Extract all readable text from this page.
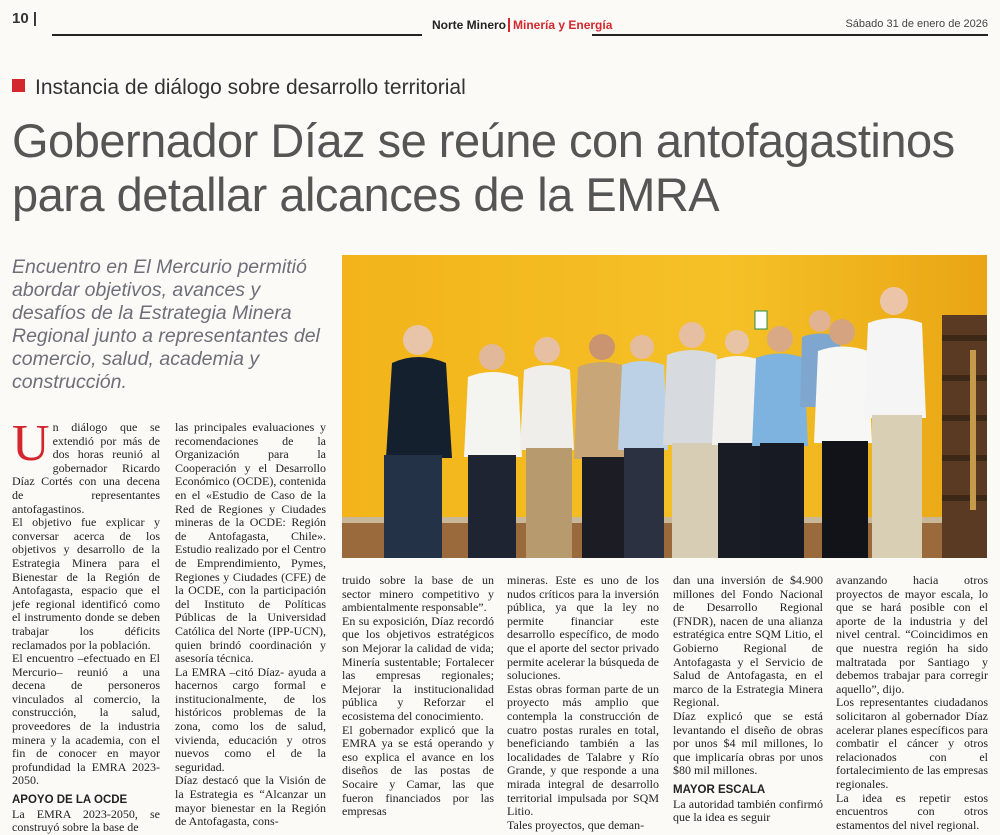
10 |	Norte Minero Minería y Energía	Sábado 31 de enero de 2026
Instancia de diálogo sobre desarrollo territorial
Gobernador Díaz se reúne con antofagastinos para detallar alcances de la EMRA
Encuentro en El Mercurio permitió abordar objetivos, avances y desafíos de la Estrategia Minera Regional junto a representantes del comercio, salud, academia y construcción.

Un diálogo que se extendió por más de dos horas reunió al gobernador Ricardo Díaz Cortés con una decena de representantes antofagastinos.

El objetivo fue explicar y conversar acerca de los objetivos y desarrollo de la Estrategia Minera para el Bienestar de la Región de Antofagasta, espacio que el jefe regional identificó como el instrumento donde se deben trabajar los déficits reclamados por la población.

El encuentro –efectuado en El Mercurio– reunió a una decena de personeros vinculados al comercio, la construcción, la salud, proveedores de la industria minera y la academia, con el fin de conocer en mayor profundidad la EMRA 2023-2050.

APOYO DE LA OCDE

La EMRA 2023-2050, se construyó sobre la base de

las principales evaluaciones y recomendaciones de la Organización para la Cooperación y el Desarrollo Económico (OCDE), contenida en el «Estudio de Caso de la Red de Regiones y Ciudades mineras de la OCDE: Región de Antofagasta, Chile». Estudio realizado por el Centro de Emprendimiento, Pymes, Regiones y Ciudades (CFE) de la OCDE, con la participación del Instituto de Políticas Públicas de la Universidad Católica del Norte (IPP-UCN), quien brindó coordinación y asesoría técnica.

La EMRA –citó Díaz- ayuda a hacernos cargo formal e institucionalmente, de los históricos problemas de la zona, como los de salud, vivienda, educación y otros nuevos como el de la seguridad.

Díaz destacó que la Visión de la Estrategia es “Alcanzar un mayor bienestar en la Región de Antofagasta, cons-

truido sobre la base de un sector minero competitivo y ambientalmente responsable”.

En su exposición, Díaz recordó que los objetivos estratégicos son Mejorar la calidad de vida; Minería sustentable; Fortalecer las empresas regionales; Mejorar la institucionalidad pública y Reforzar el ecosistema del conocimiento.

El gobernador explicó que la EMRA ya se está operando y eso explica el avance en los diseños de las postas de Socaire y Camar, las que fueron financiados por las empresas

mineras. Este es uno de los nudos críticos para la inversión pública, ya que la ley no permite financiar este desarrollo específico, de modo que el aporte del sector privado permite acelerar la búsqueda de soluciones.

Estas obras forman parte de un proyecto más amplio que contempla la construcción de cuatro postas rurales en total, beneficiando también a las localidades de Talabre y Río Grande, y que responde a una mirada integral de desarrollo territorial impulsada por SQM Litio.

Tales proyectos, que deman-

dan una inversión de $4.900 millones del Fondo Nacional de Desarrollo Regional (FNDR), nacen de una alianza estratégica entre SQM Litio, el Gobierno Regional de Antofagasta y el Servicio de Salud de Antofagasta, en el marco de la Estrategia Minera Regional.

Díaz explicó que se está levantando el diseño de obras por unos $4 mil millones, lo que implicaría obras por unos $80 mil millones.

MAYOR ESCALA

La autoridad también confirmó que la idea es seguir

avanzando hacia otros proyectos de mayor escala, lo que se hará posible con el aporte de la industria y del nivel central. “Coincidimos en que nuestra región ha sido maltratada por Santiago y debemos trabajar para corregir aquello”, dijo.

Los representantes ciudadanos solicitaron al gobernador Díaz acelerar planes específicos para combatir el cáncer y otros relacionados con el fortalecimiento de las empresas regionales.

La idea es repetir estos encuentros con otros estamentos del nivel regional.
